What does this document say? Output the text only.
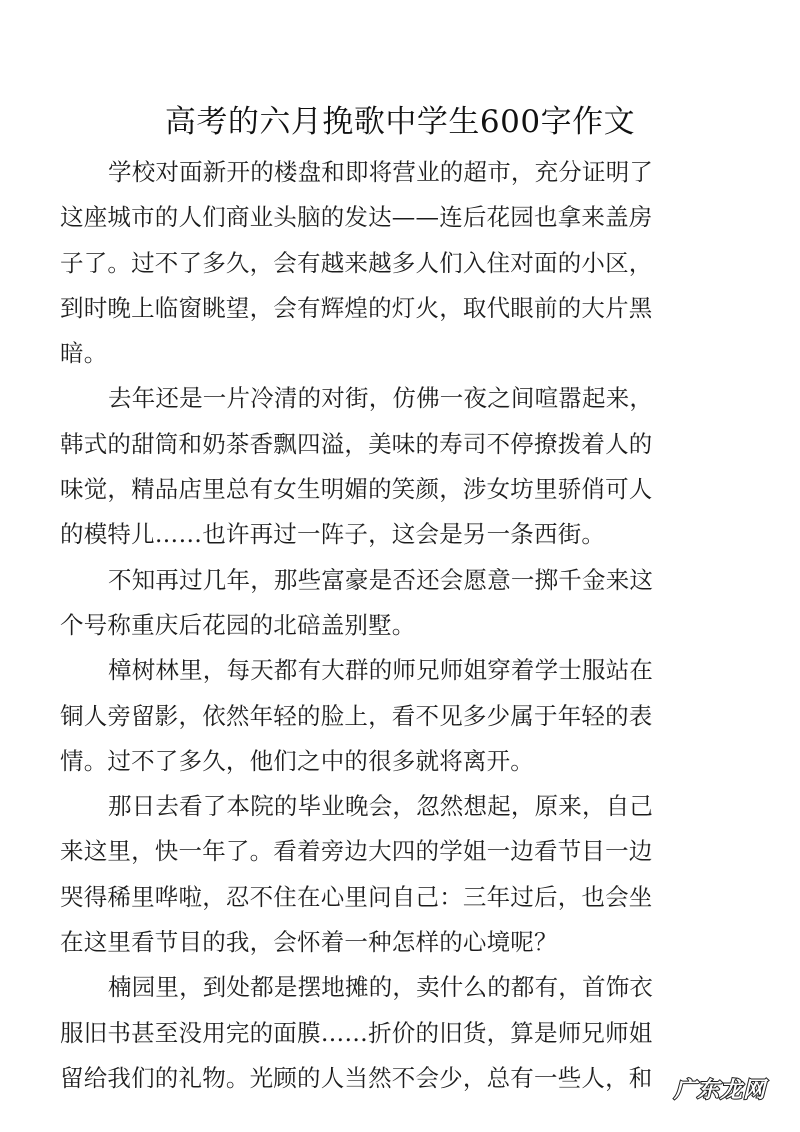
高考的六月挽歌中学生600字作文
学校对面新开的楼盘和即将营业的超市，充分证明了
这座城市的人们商业头脑的发达——连后花园也拿来盖房
子了。过不了多久，会有越来越多人们入住对面的小区，
到时晚上临窗眺望，会有辉煌的灯火，取代眼前的大片黑
暗。
去年还是一片冷清的对街，仿佛一夜之间喧嚣起来，
韩式的甜筒和奶茶香飘四溢，美味的寿司不停撩拨着人的
味觉，精品店里总有女生明媚的笑颜，涉女坊里骄俏可人
的模特儿……也许再过一阵子，这会是另一条西街。
不知再过几年，那些富豪是否还会愿意一掷千金来这
个号称重庆后花园的北碚盖别墅。
樟树林里，每天都有大群的师兄师姐穿着学士服站在
铜人旁留影，依然年轻的脸上，看不见多少属于年轻的表
情。过不了多久，他们之中的很多就将离开。
那日去看了本院的毕业晚会，忽然想起，原来，自己
来这里，快一年了。看着旁边大四的学姐一边看节目一边
哭得稀里哗啦，忍不住在心里问自己：三年过后，也会坐
在这里看节目的我，会怀着一种怎样的心境呢？
楠园里，到处都是摆地摊的，卖什么的都有，首饰衣
服旧书甚至没用完的面膜……折价的旧货，算是师兄师姐
留给我们的礼物。光顾的人当然不会少，总有一些人，和 广东龙网
